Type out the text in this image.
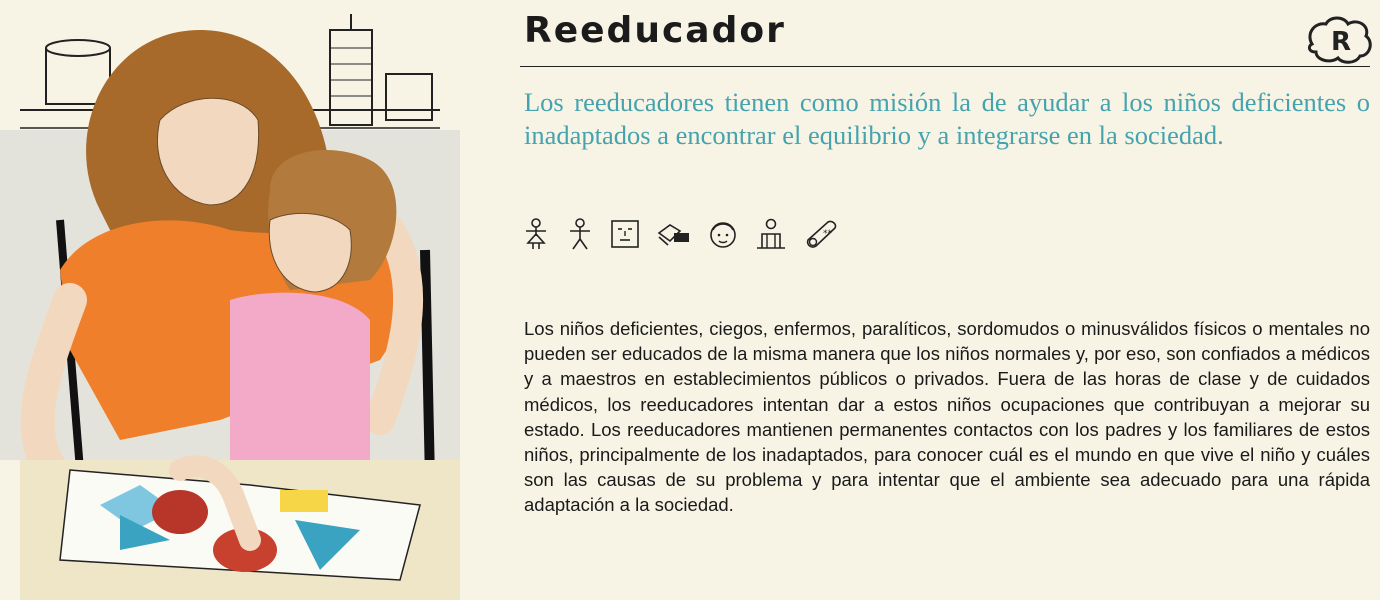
Reeducador	R

Los reeducadores tienen como misión la de ayudar a los niños deficientes o inadaptados a encontrar el equilibrio y a integrarse en la sociedad.

**

Los niños deficientes, ciegos, enfermos, paralíticos, sordomudos o minusválidos físicos o mentales no pueden ser educados de la misma manera que los niños normales y, por eso, son confiados a médicos y a maestros en establecimientos públicos o privados. Fuera de las horas de clase y de cuidados médicos, los reeducadores intentan dar a estos niños ocupaciones que contribuyan a mejorar su estado. Los reeducadores mantienen permanentes contactos con los padres y los familiares de estos niños, principalmente de los inadaptados, para conocer cuál es el mundo en que vive el niño y cuáles son las causas de su problema y para intentar que el ambiente sea adecuado para una rápida adaptación a la sociedad.
